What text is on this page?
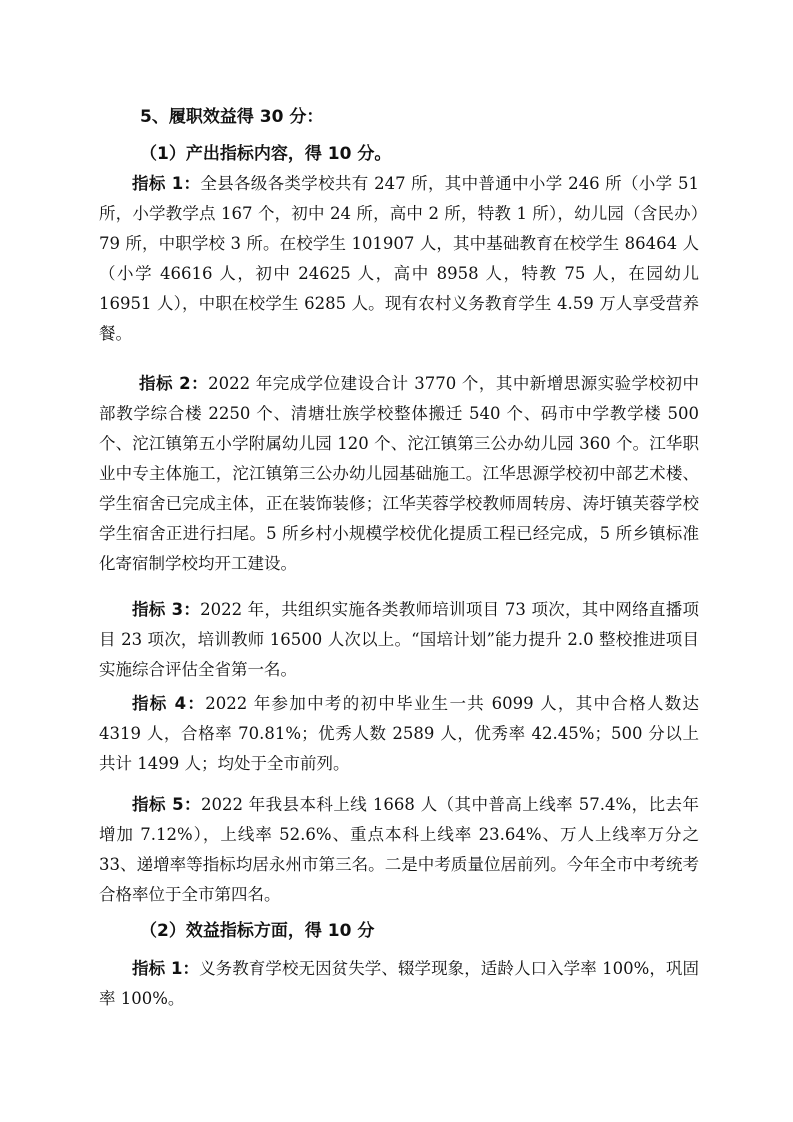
5、履职效益得 30 分：
（1）产出指标内容，得 10 分。
指标 1：全县各级各类学校共有 247 所，其中普通中小学 246 所（小学 51 所，小学教学点 167 个，初中 24 所，高中 2 所，特教 1 所），幼儿园（含民办）79 所，中职学校 3 所。在校学生 101907 人，其中基础教育在校学生 86464 人（小学 46616 人，初中 24625 人，高中 8958 人，特教 75 人，在园幼儿 16951 人），中职在校学生 6285 人。现有农村义务教育学生 4.59 万人享受营养餐。
指标 2：2022 年完成学位建设合计 3770 个，其中新增思源实验学校初中部教学综合楼 2250 个、清塘壮族学校整体搬迁 540 个、码市中学教学楼 500 个、沱江镇第五小学附属幼儿园 120 个、沱江镇第三公办幼儿园 360 个。江华职业中专主体施工，沱江镇第三公办幼儿园基础施工。江华思源学校初中部艺术楼、学生宿舍已完成主体，正在装饰装修；江华芙蓉学校教师周转房、涛圩镇芙蓉学校学生宿舍正进行扫尾。5 所乡村小规模学校优化提质工程已经完成，5 所乡镇标准化寄宿制学校均开工建设。
指标 3：2022 年，共组织实施各类教师培训项目 73 项次，其中网络直播项目 23 项次，培训教师 16500 人次以上。“国培计划”能力提升 2.0 整校推进项目实施综合评估全省第一名。
指标 4：2022 年参加中考的初中毕业生一共 6099 人，其中合格人数达 4319 人，合格率 70.81%；优秀人数 2589 人，优秀率 42.45%；500 分以上共计 1499 人；均处于全市前列。
指标 5：2022 年我县本科上线 1668 人（其中普高上线率 57.4%，比去年增加 7.12%），上线率 52.6%、重点本科上线率 23.64%、万人上线率万分之 33、递增率等指标均居永州市第三名。二是中考质量位居前列。今年全市中考统考合格率位于全市第四名。
（2）效益指标方面，得 10 分
指标 1：义务教育学校无因贫失学、辍学现象，适龄人口入学率 100%，巩固率 100%。
